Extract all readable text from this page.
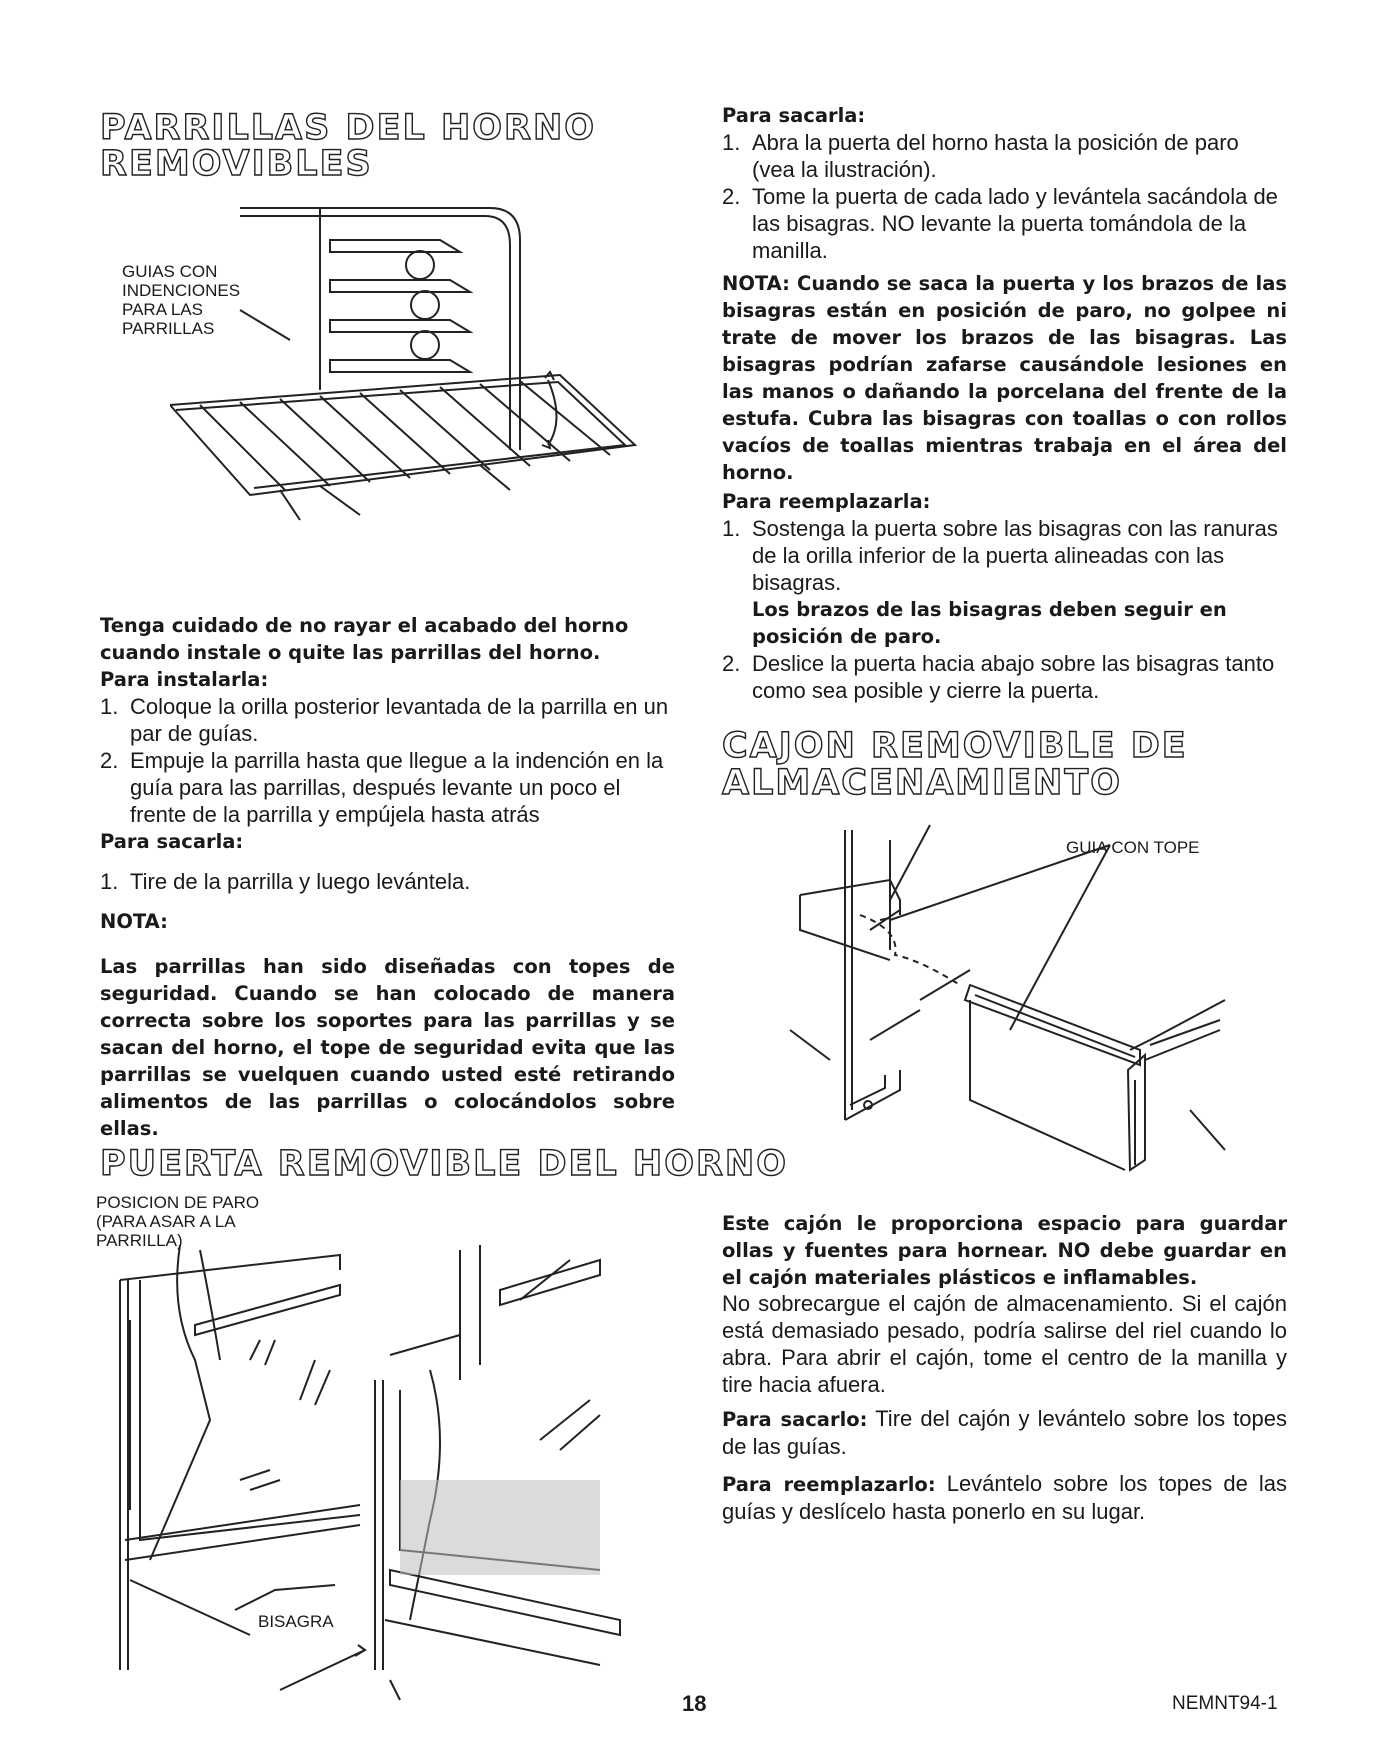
PARRILLAS DEL HORNO
REMOVIBLES
GUIAS CON
INDENCIONES
PARA LAS
PARRILLAS

Tenga cuidado de no rayar el acabado del horno cuando instale o quite las parrillas del horno.

Para instalarla:

1. Coloque la orilla posterior levantada de la parrilla en un par de guías.
2. Empuje la parrilla hasta que llegue a la indención en la guía para las parrillas, después levante un poco el frente de la parrilla y empújela hasta atrás

Para sacarla:

1. Tire de la parrilla y luego levántela.

NOTA:

Las parrillas han sido diseñadas con topes de seguridad. Cuando se han colocado de manera correcta sobre los soportes para las parrillas y se sacan del horno, el tope de seguridad evita que las parrillas se vuelquen cuando usted esté retirando alimentos de las parrillas o colocándolos sobre ellas.

PUERTA REMOVIBLE DEL HORNO
POSICION DE PARO
(PARA ASAR A LA
PARRILLA)
BISAGRA

Para sacarla:

1. Abra la puerta del horno hasta la posición de paro (vea la ilustración).
2. Tome la puerta de cada lado y levántela sacándola de las bisagras. NO levante la puerta tomándola de la manilla.

NOTA: Cuando se saca la puerta y los brazos de las bisagras están en posición de paro, no golpee ni trate de mover los brazos de las bisagras. Las bisagras podrían zafarse causándole lesiones en las manos o dañando la porcelana del frente de la estufa. Cubra las bisagras con toallas o con rollos vacíos de toallas mientras trabaja en el área del horno.

Para reemplazarla:

1. Sostenga la puerta sobre las bisagras con las ranuras de la orilla inferior de la puerta alineadas con las bisagras.
Los brazos de las bisagras deben seguir en posición de paro.
2. Deslice la puerta hacia abajo sobre las bisagras tanto como sea posible y cierre la puerta.
CAJON REMOVIBLE DE
ALMACENAMIENTO
GUIA CON TOPE

Este cajón le proporciona espacio para guardar ollas y fuentes para hornear. NO debe guardar en el cajón materiales plásticos e inflamables.

No sobrecargue el cajón de almacenamiento. Si el cajón está demasiado pesado, podría salirse del riel cuando lo abra. Para abrir el cajón, tome el centro de la manilla y tire hacia afuera.

Para sacarlo: Tire del cajón y levántelo sobre los topes de las guías.

Para reemplazarlo: Levántelo sobre los topes de las guías y deslícelo hasta ponerlo en su lugar.

18	NEMNT94-1
